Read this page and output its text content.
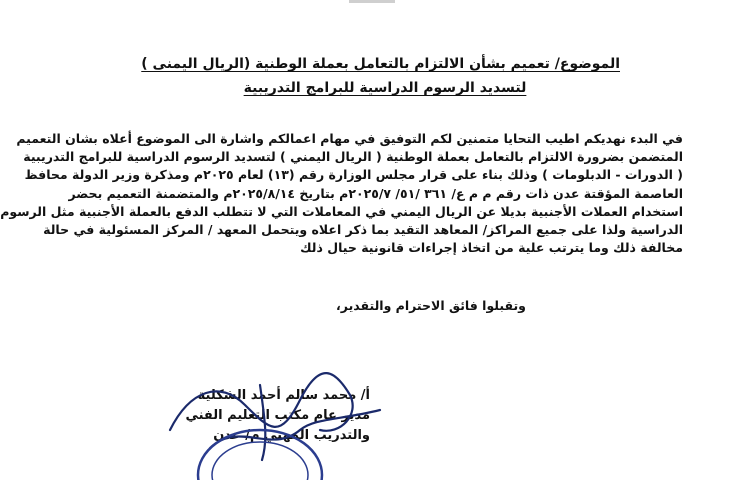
الموضوع/ تعميم بشأن الالتزام بالتعامل بعملة الوطنية (الريال اليمنى )
لتسديد الرسوم الدراسية للبرامج التدريبية
في البدء نهديكم اطيب التحايا متمنين لكم التوفيق في مهام اعمالكم واشارة الى الموضوع أعلاه بشان التعميم
المتضمن بضرورة الالتزام بالتعامل بعملة الوطنية ( الريال اليمني ) لتسديد الرسوم الدراسية للبرامج التدريبية
( الدورات - الدبلومات ) وذلك بناء على قرار مجلس الوزارة رقم (١٣) لعام ٢٠٢٥م ومذكرة وزير الدولة محافظ
العاصمة المؤقتة عدن ذات رقم م م ع/ ٣٦١ /٥١/ ٢٠٢٥/٧م بتاريخ ٢٠٢٥/٨/١٤م والمتضمنة التعميم بحضر
استخدام العملات الأجنبية بديلا عن الريال اليمني في المعاملات التي لا تتطلب الدفع بالعملة الأجنبية مثل الرسوم
الدراسية ولذا على جميع المراكز/ المعاهد التقيد بما ذكر اعلاه ويتحمل المعهد / المركز المسئولية في حالة
مخالفة ذلك وما يترتب علية من اتخاذ إجراءات قانونية حيال ذلك
وتقبلوا فائق الاحترام والتقدير،
أ/ محمد سالم أحمد الشكلية
مدير عام مكتب التعليم الفني
والتدريب المهني م/ عدن
